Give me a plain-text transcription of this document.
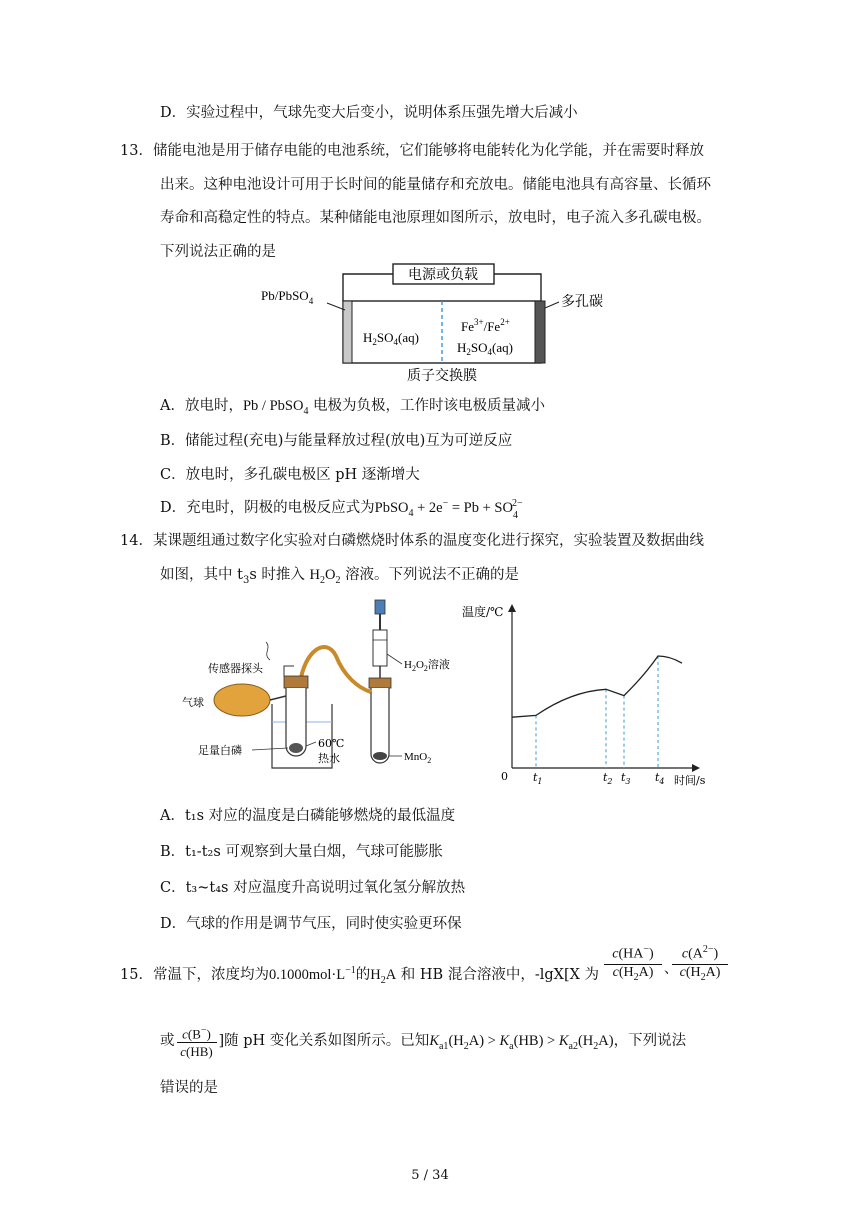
D．实验过程中，气球先变大后变小，说明体系压强先增大后减小
13．储能电池是用于储存电能的电池系统，它们能够将电能转化为化学能，并在需要时释放
出来。这种电池设计可用于长时间的能量储存和充放电。储能电池具有高容量、长循环
寿命和高稳定性的特点。某种储能电池原理如图所示，放电时，电子流入多孔碳电极。
下列说法正确的是
电源或负载
Pb/PbSO$_4$	多孔碳
$H_2SO_4(aq)$
$Fe^{3+}/Fe^{2+}$
$H_2SO_4(aq)$
质子交换膜
A．放电时，Pb / PbSO$_4$ 电极为负极，工作时该电极质量减小
B．储能过程(充电)与能量释放过程(放电)互为可逆反应
C．放电时，多孔碳电极区 pH 逐渐增大
D．充电时，阴极的电极反应式为PbSO$_4$ + $2e^- = Pb + SO_4^{2-}$
14．某课题组通过数字化实验对白磷燃烧时体系的温度变化进行探究，实验装置及数据曲线
如图，其中 $t_3s$ 时推入 $H_2O_2$ 溶液。下列说法不正确的是
$H_2O_2$溶液
MnO$_2$
传感器探头
气球
足量白磷
60℃
热水
温度/℃
0	时间/s
$t_1$	$t_2$ $t_3$ $t_4$
A．t₁s 对应的温度是白磷能够燃烧的最低温度
B．t₁-t₂s 可观察到大量白烟，气球可能膨胀
C．t₃~t₄s 对应温度升高说明过氧化氢分解放热
D．气球的作用是调节气压，同时使实验更环保
15．常温下，浓度均为$0.1000mol\cdot L^{-1}$的$H_2A$ 和 HB 混合溶液中，-lgX[X 为
c(HA−)
$c(H_2A)$ 、
$c(A^{2-})$
$c(H_2A)$
或 $\frac{c(B^-)}{c(HB)}$ ]随 pH 变化关系如图所示。已知$K_{a1}(H_2A) > K_a(HB) > K_{a2}(H_2A)$，下列说法
错误的是
5 / 34
